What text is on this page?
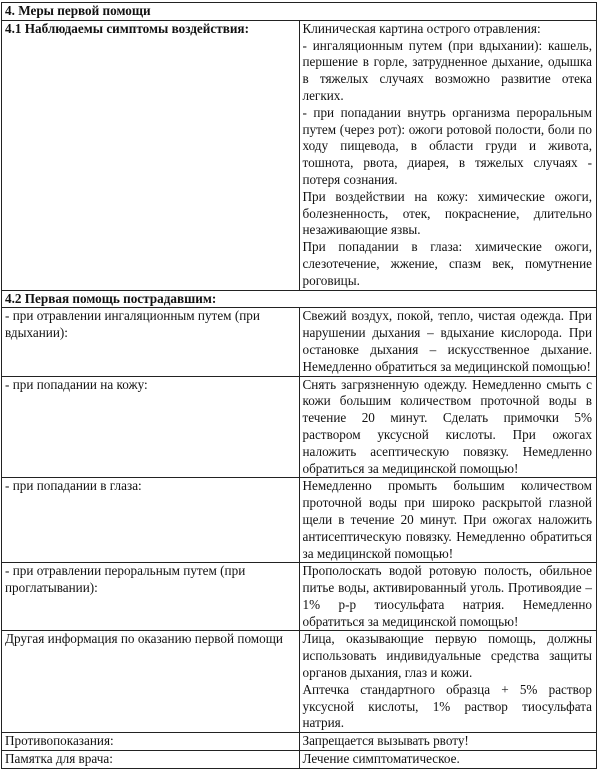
4. Меры первой помощи	
4.1 Наблюдаемы симптомы воздействия:	Клиническая картина острого отравления:

- ингаляционным путем (при вдыхании): кашель, першение в горле, затрудненное дыхание, одышка в тяжелых случаях возможно развитие отека легких.

- при попадании внутрь организма пероральным путем (через рот): ожоги ротовой полости, боли по ходу пищевода, в области груди и живота, тошнота, рвота, диарея, в тяжелых случаях - потеря сознания.

При воздействии на кожу: химические ожоги, болезненность, отек, покраснение, длительно незаживающие язвы.

При попадании в глаза: химические ожоги, слезотечение, жжение, спазм век, помутнение роговицы.

4.2 Первая помощь пострадавшим:	
- при отравлении ингаляционным путем (при вдыхании):	Свежий воздух, покой, тепло, чистая одежда. При нарушении дыхания – вдыхание кислорода. При остановке дыхания – искусственное дыхание. Немедленно обратиться за медицинской помощью!
- при попадании на кожу:	Снять загрязненную одежду. Немедленно смыть с кожи большим количеством проточной воды в течение 20 минут. Сделать примочки 5% раствором уксусной кислоты. При ожогах наложить асептическую повязку. Немедленно обратиться за медицинской помощью!
- при попадании в глаза:	Немедленно промыть большим количеством проточной воды при широко раскрытой глазной щели в течение 20 минут. При ожогах наложить антисептическую повязку. Немедленно обратиться за медицинской помощью!
- при отравлении пероральным путем (при проглатывании):	Прополоскать водой ротовую полость, обильное питье воды, активированный уголь. Противоядие – 1% р-р тиосульфата натрия. Немедленно обратиться за медицинской помощью!
Другая информация по оказанию первой помощи	Лица, оказывающие первую помощь, должны использовать индивидуальные средства защиты органов дыхания, глаз и кожи.

Аптечка стандартного образца + 5% раствор уксусной кислоты, 1% раствор тиосульфата натрия.

Противопоказания:	Запрещается вызывать рвоту!
Памятка для врача:	Лечение симптоматическое.
